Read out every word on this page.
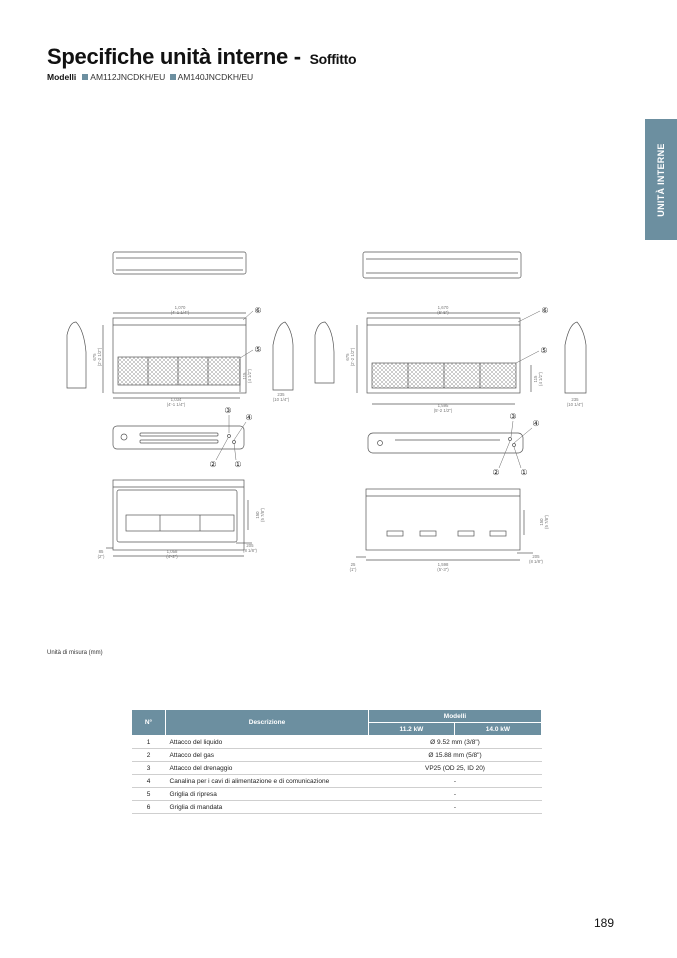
Specifiche unità interne - Soffitto
Modelli AM112JNCDKH/EU AM140JNCDKH/EU
UNITÀ INTERNE
1,070
(4'-1 1/4")
1,034
(4'-1 1/4")
675 (2'-2 1/2")
115 (4 1/2")
235
(10 1/4")
1,058
(4'-2")
85
(2")
205
(8 1/8")
150 (5 7/8")
1,670
(5'-5")
1,595
(5'-2 1/2")
675 (2'-2 1/2")
115 (4 1/2")
235
(10 1/4")
1,598
(5'-3")
25
(1")
205
(8 1/8")
150 (5 7/8")
⑥
⑤
③
④
② ①
⑥
⑤
③
④
②	①
Unità di misura (mm)
N°	Descrizione	Modelli	
		11.2 kW	14.0 kW
1	Attacco del liquido	Ø 9.52 mm (3/8")	
2	Attacco del gas	Ø 15.88 mm (5/8")	
3	Attacco del drenaggio	VP25 (OD 25, ID 20)	
4	Canalina per i cavi di alimentazione e di comunicazione	-	
5	Griglia di ripresa	-	
6	Griglia di mandata	-	
189
